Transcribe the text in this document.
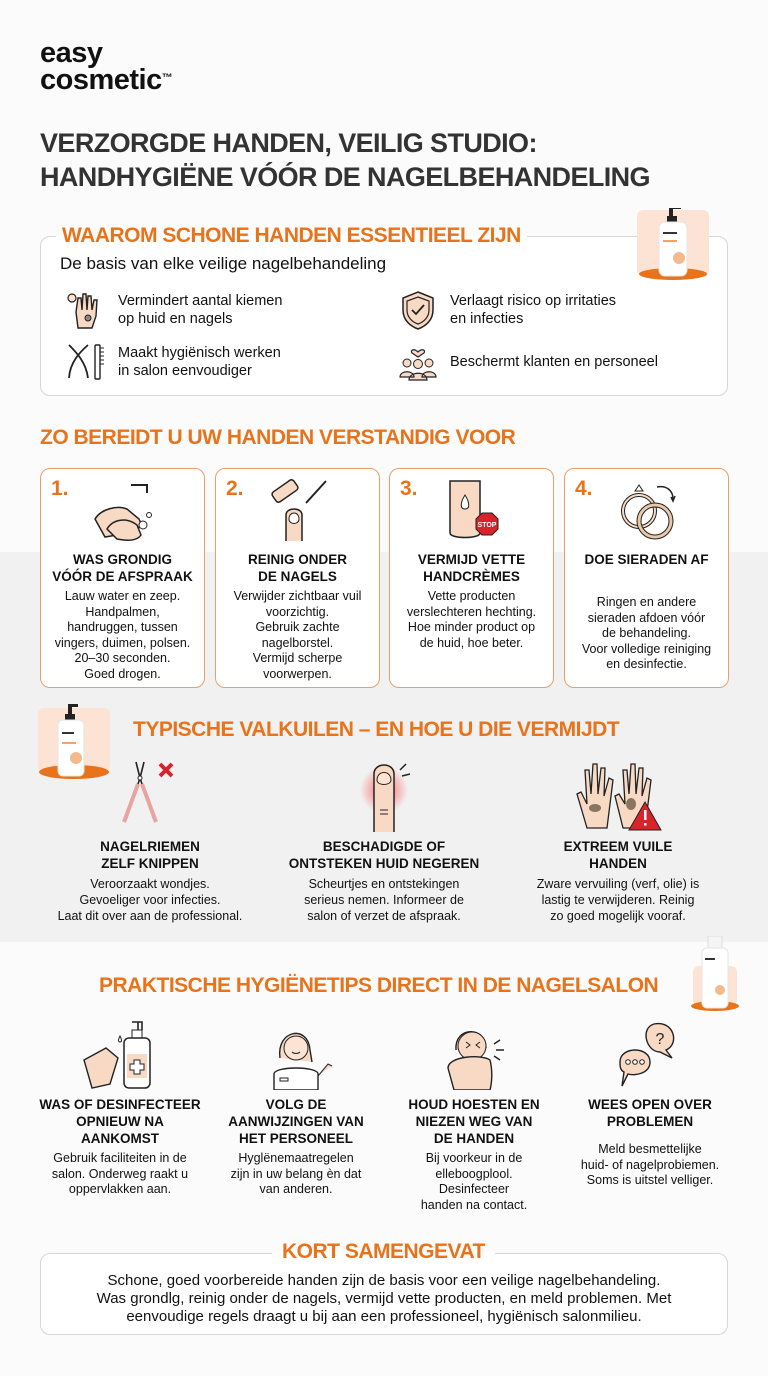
easy
cosmetic™
VERZORGDE HANDEN, VEILIG STUDIO:
HANDHYGIËNE VÓÓR DE NAGELBEHANDELING
WAAROM SCHONE HANDEN ESSENTIEEL ZIJN
De basis van elke veilige nagelbehandeling
Vermindert aantal kiemen
op huid en nagels
Verlaagt risico op irritaties
en infecties
Maakt hygiënisch werken
in salon eenvoudiger
Beschermt klanten en personeel
ZO BEREIDT U UW HANDEN VERSTANDIG VOOR
1.
WAS GRONDIG
VÓÓR DE AFSPRAAK
Lauw water en zeep.
Handpalmen,
handruggen, tussen
vingers, duimen, polsen.
20–30 seconden.
Goed drogen.
2.
REINIG ONDER
DE NAGELS
Verwijder zichtbaar vuil
voorzichtig.
Gebruik zachte
nagelborstel.
Vermijd scherpe
voorwerpen.
3.
STOP
VERMIJD VETTE
HANDCRÈMES
Vette producten
verslechteren hechting.
Hoe minder product op
de huid, hoe beter.
4.
DOE SIERADEN AF
Ringen en andere
sieraden afdoen vóór
de behandeling.
Voor volledige reiniging
en desinfectie.
TYPISCHE VALKUILEN – EN HOE U DIE VERMIJDT
NAGELRIEMEN
ZELF KNIPPEN
Veroorzaakt wondjes.
Gevoeliger voor infecties.
Laat dit over aan de professional.
BESCHADIGDE OF
ONTSTEKEN HUID NEGEREN
Scheurtjes en ontstekingen
serieus nemen. Informeer de
salon of verzet de afspraak.
EXTREEM VUILE
HANDEN
Zware vervuiling (verf, olie) is
lastig te verwijderen. Reinig
zo goed mogelijk vooraf.
PRAKTISCHE HYGIËNETIPS DIRECT IN DE NAGELSALON
WAS OF DESINFECTEER
OPNIEUW NA
AANKOMST
Gebruik faciliteiten in de
salon. Onderweg raakt u
oppervlakken aan.
VOLG DE
AANWIJZINGEN VAN
HET PERSONEEL
Hyglënemaatregelen
zijn in uw belang èn dat
van anderen.
HOUD HOESTEN EN
NIEZEN WEG VAN
DE HANDEN
Bij voorkeur in de
elleboogplool.
Desinfecteer
handen na contact.
?
WEES OPEN OVER
PROBLEMEN
Meld besmettelijke
huid- of nagelprobiemen.
Soms is uitstel velliger.
KORT SAMENGEVAT
Schone, goed voorbereide handen zijn de basis voor een veilige nagelbehandeling.
Was grondlg, reinig onder de nagels, vermijd vette producten, en meld problemen. Met
eenvoudige regels draagt u bij aan een professioneel, hygiënisch salonmilieu.
